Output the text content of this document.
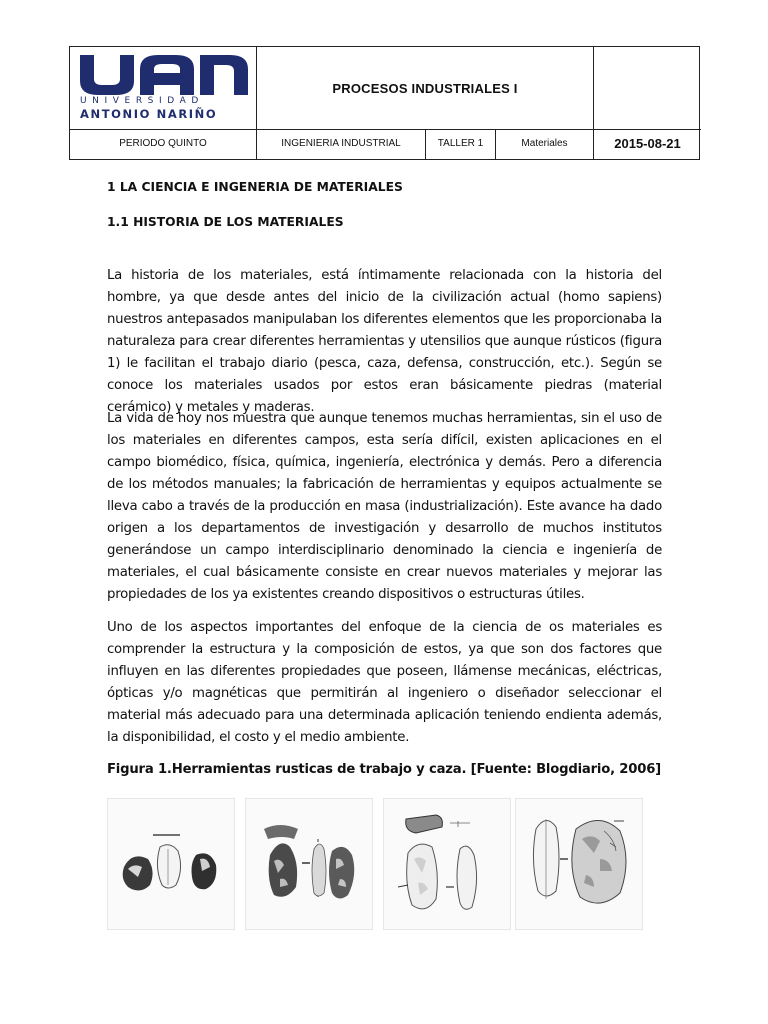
UNIVERSIDAD
ANTONIO NARIÑO
PROCESOS INDUSTRIALES I
PERIODO QUINTO	INGENIERIA INDUSTRIAL	TALLER 1	Materiales	2015-08-21
1 LA CIENCIA E INGENERIA DE MATERIALES
1.1 HISTORIA DE LOS MATERIALES

La historia de los materiales, está íntimamente relacionada con la historia del hombre, ya que desde antes del inicio de la civilización actual (homo sapiens) nuestros antepasados manipulaban los diferentes elementos que les proporcionaba la naturaleza para crear diferentes herramientas y utensilios que aunque rústicos (figura 1) le facilitan el trabajo diario (pesca, caza, defensa, construcción, etc.). Según se conoce los materiales usados por estos eran básicamente piedras (material cerámico) y metales y maderas.

La vida de hoy nos muestra que aunque tenemos muchas herramientas, sin el uso de los materiales en diferentes campos, esta sería difícil, existen aplicaciones en el campo biomédico, física, química, ingeniería, electrónica y demás. Pero a diferencia de los métodos manuales; la fabricación de herramientas y equipos actualmente se lleva cabo a través de la producción en masa (industrialización). Este avance ha dado origen a los departamentos de investigación y desarrollo de muchos institutos generándose un campo interdisciplinario denominado la ciencia e ingeniería de materiales, el cual básicamente consiste en crear nuevos materiales y mejorar las propiedades de los ya existentes creando dispositivos o estructuras útiles.

Uno de los aspectos importantes del enfoque de la ciencia de os materiales es comprender la estructura y la composición de estos, ya que son dos factores que influyen en las diferentes propiedades que poseen, llámense mecánicas, eléctricas, ópticas y/o magnéticas que permitirán al ingeniero o diseñador seleccionar el material más adecuado para una determinada aplicación teniendo endienta además, la disponibilidad, el costo y el medio ambiente.

Figura 1.Herramientas rusticas de trabajo y caza. [Fuente: Blogdiario, 2006]
